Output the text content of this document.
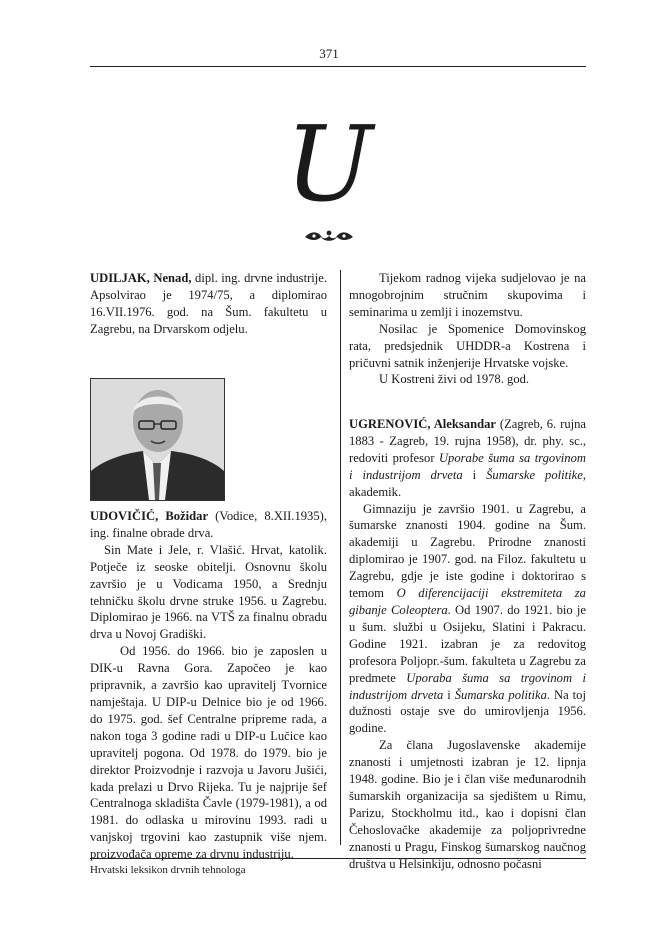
371
U

UDILJAK, Nenad, dipl. ing. drvne industrije. Apsolvirao je 1974/75, a diplomirao 16.VII.1976. god. na Šum. fakultetu u Zagrebu, na Drvarskom odjelu.

UDOVIČIĆ, Božidar (Vodice, 8.XII.1935), ing. finalne obrade drva.

Sin Mate i Jele, r. Vlašić. Hrvat, katolik. Potječe iz seoske obitelji. Osnovnu školu završio je u Vodicama 1950, a Srednju tehničku školu drvne struke 1956. u Zagrebu. Diplomirao je 1966. na VTŠ za finalnu obradu drva u Novoj Gradiški.

Od 1956. do 1966. bio je zaposlen u DIK-u Ravna Gora. Započeo je kao pripravnik, a završio kao upravitelj Tvornice namještaja. U DIP-u Delnice bio je od 1966. do 1975. god. šef Centralne pripreme rada, a nakon toga 3 godine radi u DIP-u Lučice kao upravitelj pogona. Od 1978. do 1979. bio je direktor Proizvodnje i razvoja u Javoru Jušići, kada prelazi u Drvo Rijeka. Tu je najprije šef Centralnoga skladišta Čavle (1979-1981), a od 1981. do odlaska u mirovinu 1993. radi u vanjskoj trgovini kao zastupnik više njem. proizvođača opreme za drvnu industriju.

Tijekom radnog vijeka sudjelovao je na mnogobrojnim stručnim skupovima i seminarima u zemlji i inozemstvu.

Nosilac je Spomenice Domovinskog rata, predsjednik UHDDR-a Kostrena i pričuvni satnik inženjerije Hrvatske vojske.

U Kostreni živi od 1978. god.

UGRENOVIĆ, Aleksandar (Zagreb, 6. rujna 1883 - Zagreb, 19. rujna 1958), dr. phy. sc., redoviti profesor Uporabe šuma sa trgovinom i industrijom drveta i Šumarske politike, akademik.

Gimnaziju je završio 1901. u Zagrebu, a šumarske znanosti 1904. godine na Šum. akademiji u Zagrebu. Prirodne znanosti diplomirao je 1907. god. na Filoz. fakultetu u Zagrebu, gdje je iste godine i doktorirao s temom O diferencijaciji ekstremiteta za gibanje Coleoptera. Od 1907. do 1921. bio je u šum. službi u Osijeku, Slatini i Pakracu. Godine 1921. izabran je za redovitog profesora Poljopr.-šum. fakulteta u Zagrebu za predmete Uporaba šuma sa trgovinom i industrijom drveta i Šumarska politika. Na toj dužnosti ostaje sve do umirovljenja 1956. godine.

Za člana Jugoslavenske akademije znanosti i umjetnosti izabran je 12. lipnja 1948. godine. Bio je i član više međunarodnih šumarskih organizacija sa sjedištem u Rimu, Parizu, Stockholmu itd., kao i dopisni član Čehoslovačke akademije za poljoprivredne znanosti u Pragu, Finskog šumarskog naučnog društva u Helsinkiju, odnosno počasni

Hrvatski leksikon drvnih tehnologa
